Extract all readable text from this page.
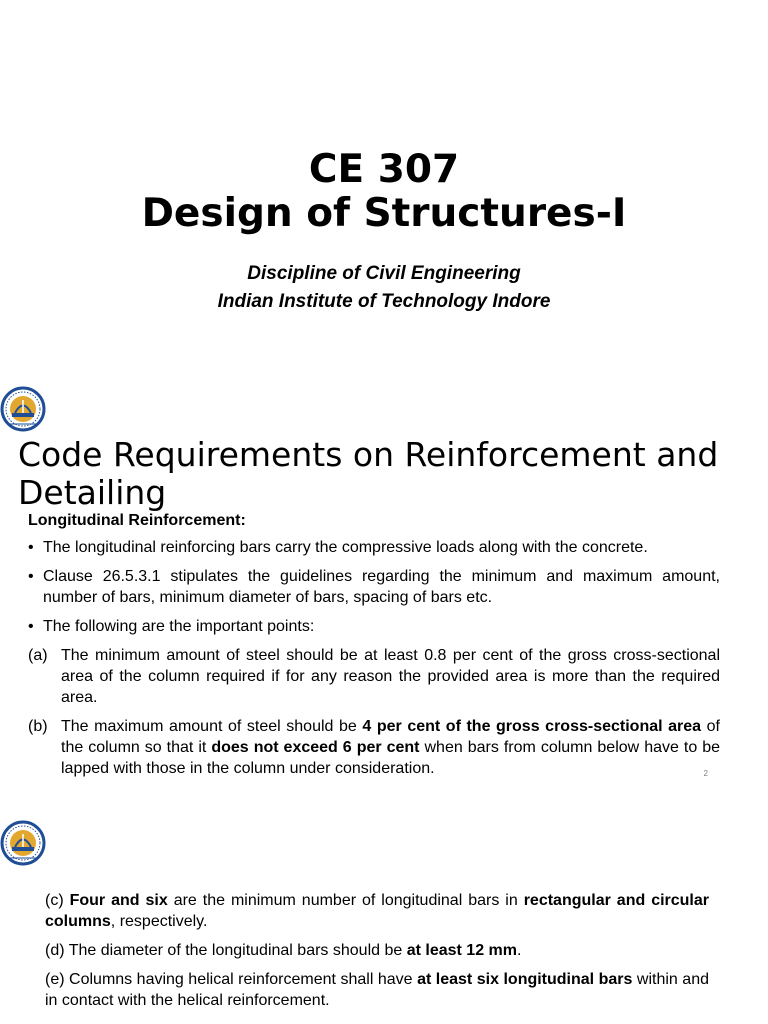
CE 307
Design of Structures-I
Discipline of Civil Engineering
Indian Institute of Technology Indore
Code Requirements on Reinforcement and Detailing
Longitudinal Reinforcement:
• The longitudinal reinforcing bars carry the compressive loads along with the concrete.
• Clause 26.5.3.1 stipulates the guidelines regarding the minimum and maximum amount, number of bars, minimum diameter of bars, spacing of bars etc.
• The following are the important points:
(a) The minimum amount of steel should be at least 0.8 per cent of the gross cross-sectional area of the column required if for any reason the provided area is more than the required area.
(b) The maximum amount of steel should be 4 per cent of the gross cross-sectional area of the column so that it does not exceed 6 per cent when bars from column below have to be lapped with those in the column under consideration.	2
(c) Four and six are the minimum number of longitudinal bars in rectangular and circular columns, respectively.
(d) The diameter of the longitudinal bars should be at least 12 mm.
(e) Columns having helical reinforcement shall have at least six longitudinal bars within and in contact with the helical reinforcement.
